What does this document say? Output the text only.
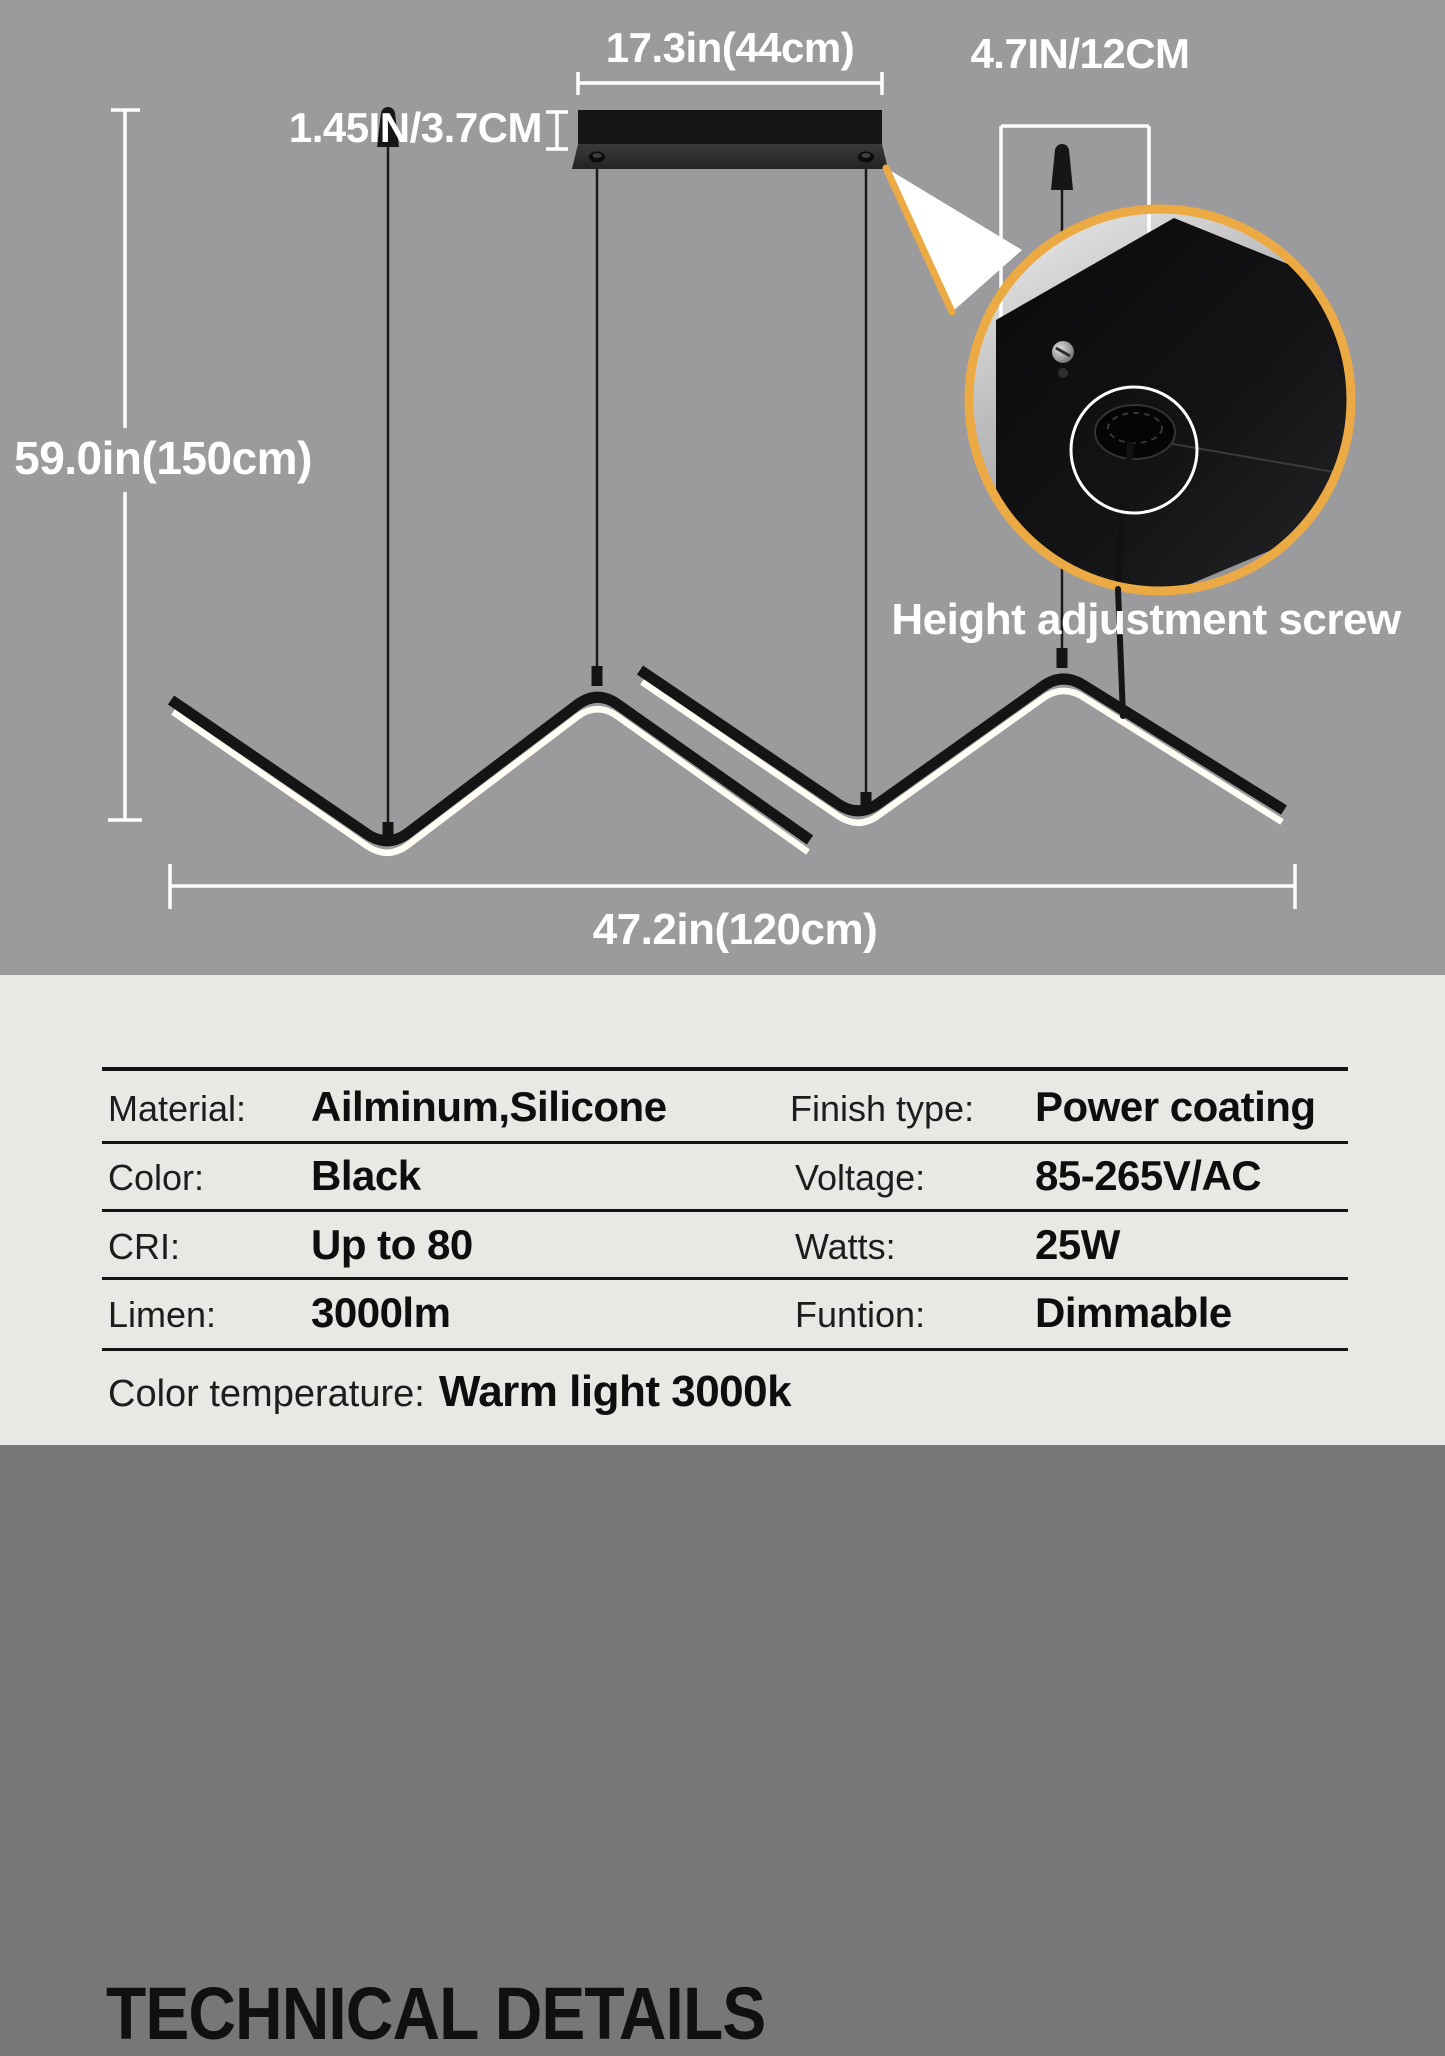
59.0in(150cm)
17.3in(44cm)
1.45IN/3.7CM
4.7IN/12CM
Height adjustment screw
47.2in(120cm)
TECHNICAL DETAILS
Material: Ailminum,Silicone	Finish type: Power coating
Color:	Black	Voltage:	85-265V/AC
CRI:	Up to 80	Watts:	25W
Limen: 3000lm	Funtion:	Dimmable
Color temperature: Warm light 3000k
